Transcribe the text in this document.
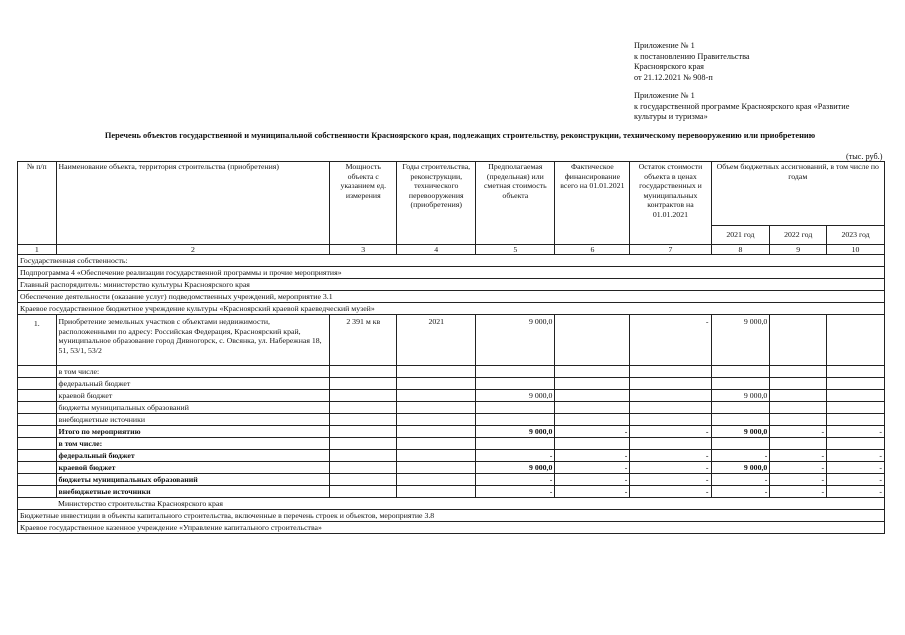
Приложение № 1
к постановлению Правительства
Красноярского края
от 21.12.2021 № 908-п
Приложение № 1
к государственной программе Красноярского края «Развитие
культуры и туризма»
Перечень объектов государственной и муниципальной собственности Красноярского края, подлежащих строительству, реконструкции, техническому перевооружению или приобретению
(тыс. руб.)
№ п/п	Наименование объекта, территория строительства (приобретения)	Мощность объекта с указанием ед. измерения	Годы строительства, реконструкции, технического перевооружения (приобретения)	Предполагаемая (предельная) или сметная стоимость объекта	Фактическое финансирование всего на 01.01.2021	Остаток стоимости объекта в ценах государственных и муниципальных контрактов на 01.01.2021	Объем бюджетных ассигнований, в том числе по годам		
							2021 год	2022 год	2023 год
1	2	3	4	5	6	7	8	9	10
Государственная собственность:									
Подпрограмма 4 «Обеспечение реализации государственной программы и прочие мероприятия»									
Главный распорядитель: министерство культуры Красноярского края									
Обеспечение деятельности (оказание услуг) подведомственных учреждений, мероприятие 3.1									
Краевое государственное бюджетное учреждение культуры «Красноярский краевой краеведческий музей»									
1.	Приобретение земельных участков с объектами недвижимости, расположенными по адресу: Российская Федерация, Красноярский край, муниципальное образование город Дивногорск, с. Овсянка, ул. Набережная 18, 51, 53/1, 53/2	2 391 м кв	2021	9 000,0		-	9 000,0		
	в том числе:								
	федеральный бюджет								
	краевой бюджет			9 000,0			9 000,0		
	бюджеты муниципальных образований								
	внебюджетные источники								
	Итого по мероприятию			9 000,0	-	-	9 000,0	-	-
	в том числе:								
	федеральный бюджет			-	-	-	-	-	-
	краевой бюджет			9 000,0	-	-	9 000,0	-	-
	бюджеты муниципальных образований			-	-	-	-	-	-
	внебюджетные источники			-	-	-	-	-	-
	Министерство строительства Красноярского края								
Бюджетные инвестиции в объекты капитального строительства, включенные в перечень строек и объектов, мероприятие 3.8									
Краевое государственное казенное учреждение «Управление капитального строительства»									
